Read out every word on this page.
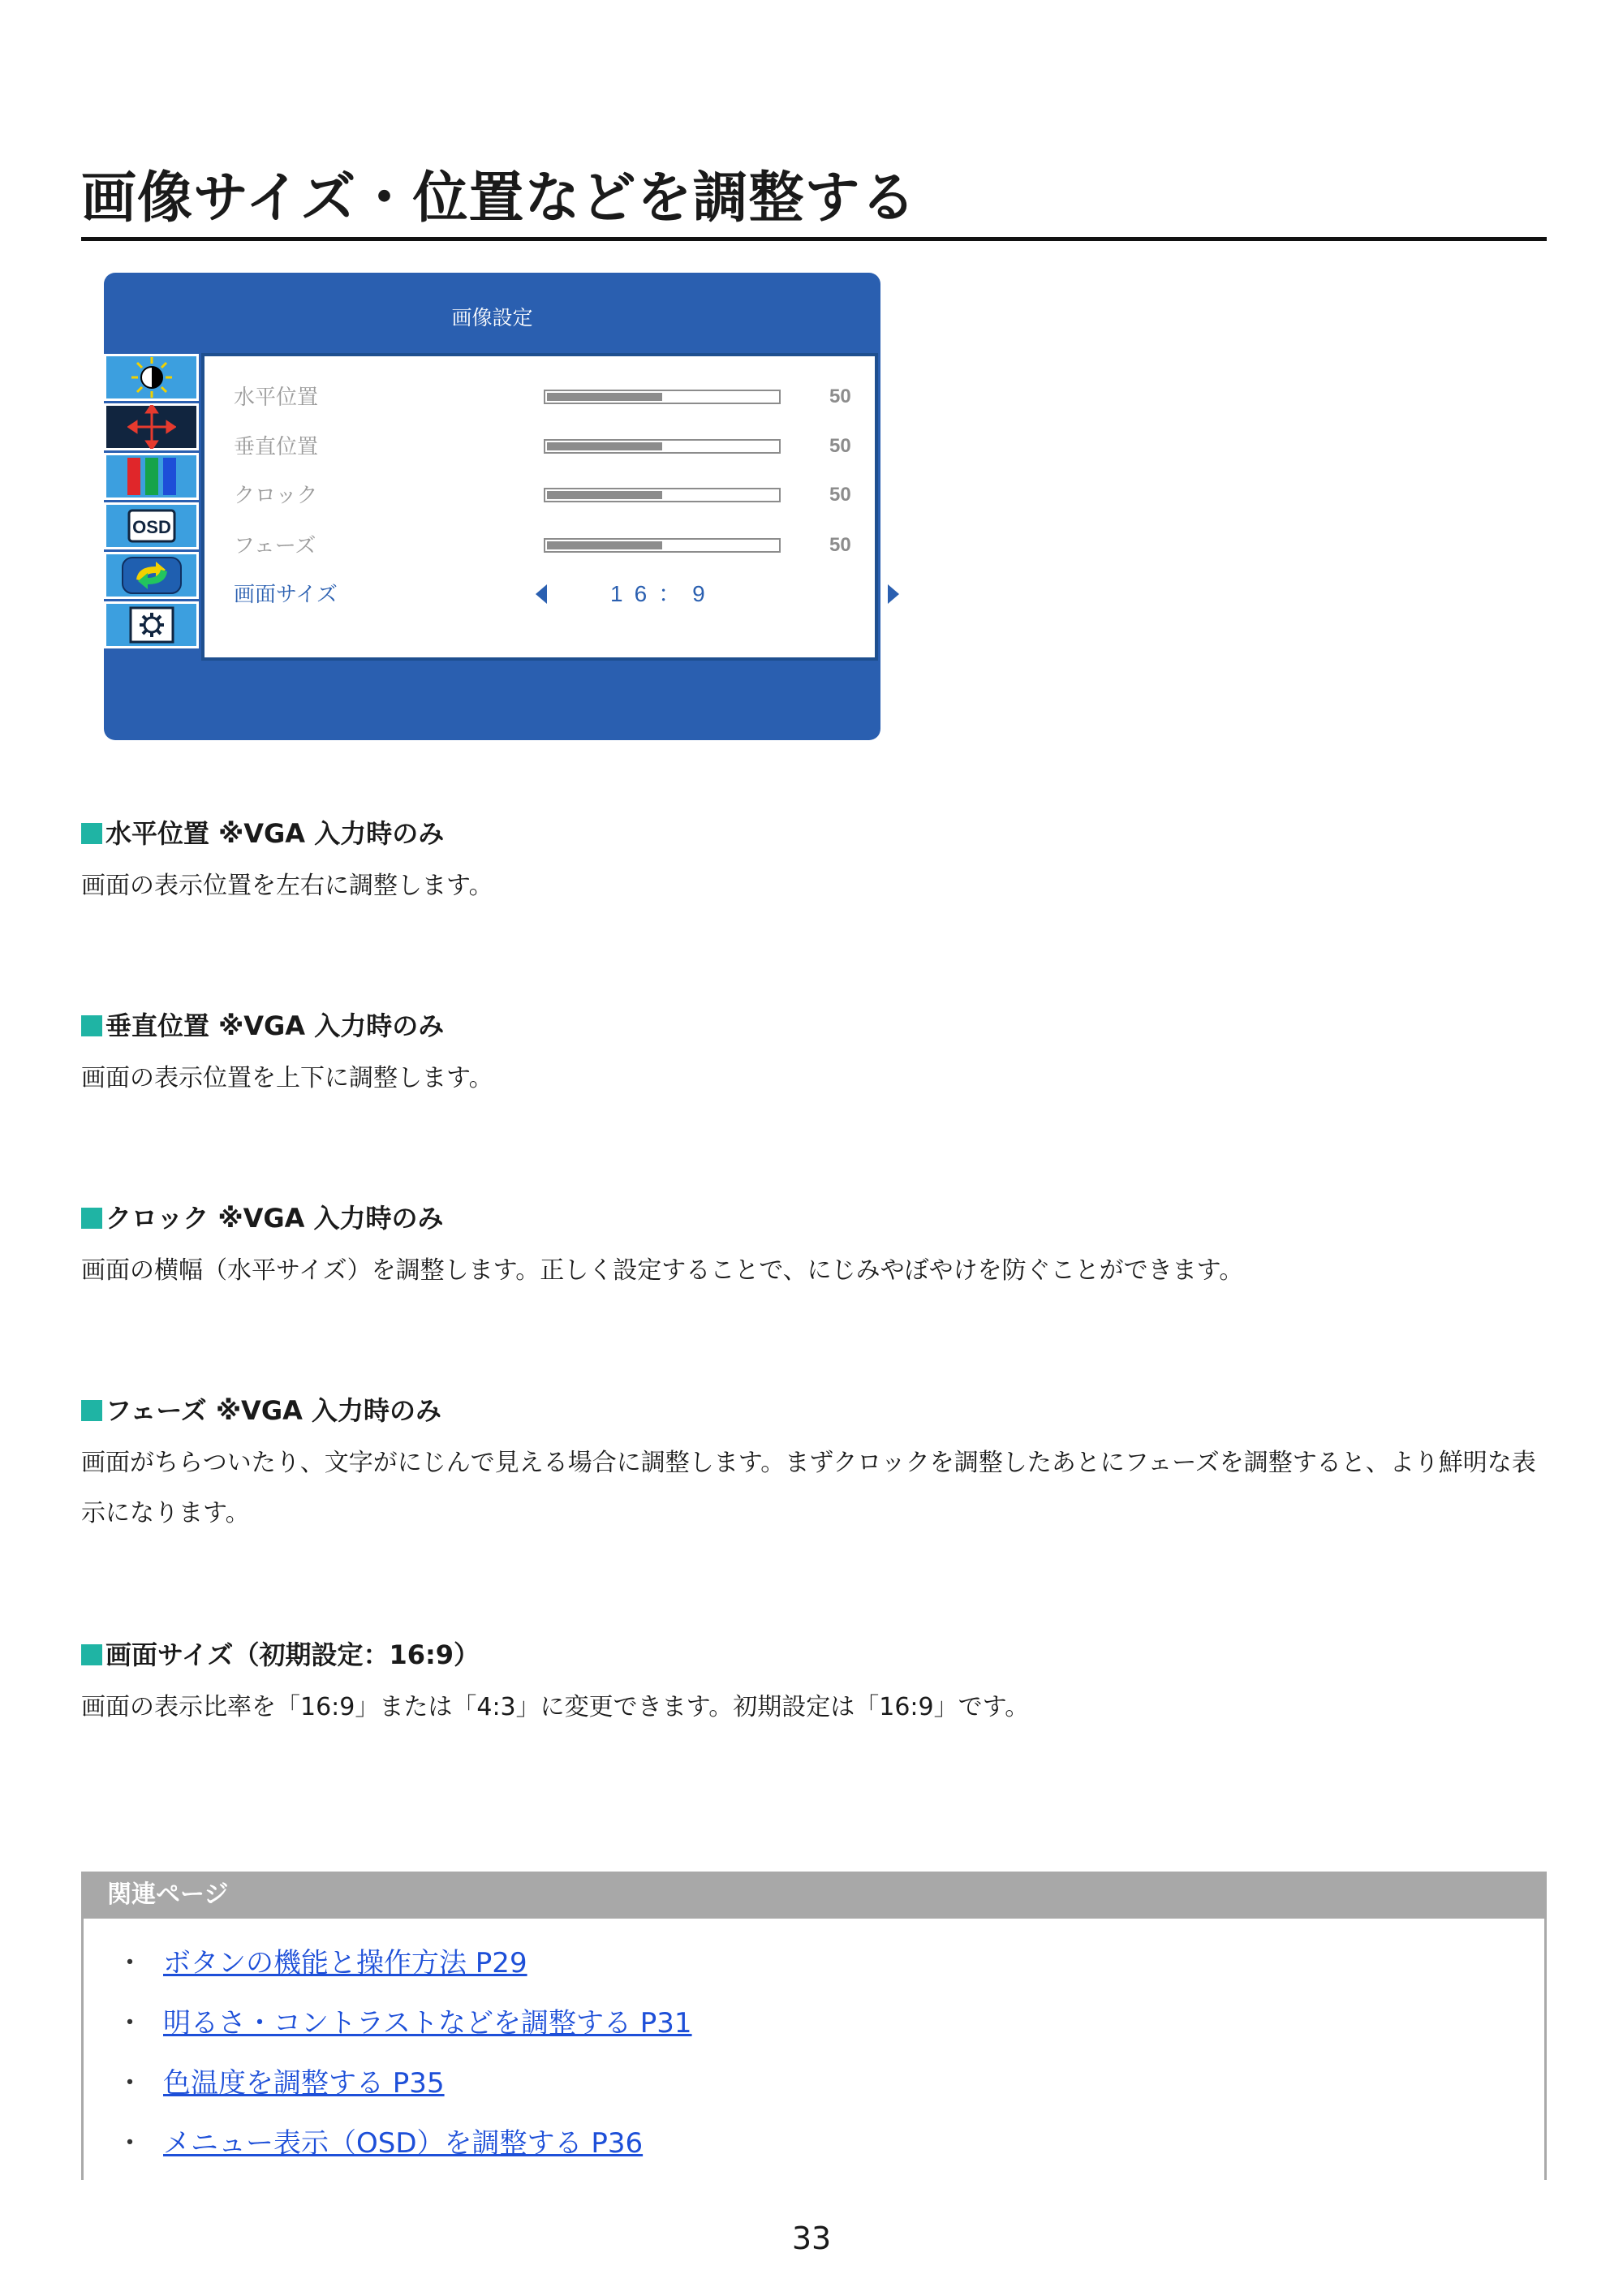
画像サイズ・位置などを調整する
画像設定
OSD
水平位置	50
垂直位置	50
クロック	50
フェーズ	50
画面サイズ	16：9
水平位置 ※VGA 入力時のみ
画面の表示位置を左右に調整します。
垂直位置 ※VGA 入力時のみ
画面の表示位置を上下に調整します。
クロック ※VGA 入力時のみ
画面の横幅（水平サイズ）を調整します。正しく設定することで、にじみやぼやけを防ぐことができます。
フェーズ ※VGA 入力時のみ
画面がちらついたり、文字がにじんで見える場合に調整します。まずクロックを調整したあとにフェーズを調整すると、より鮮明な表示になります。
画面サイズ（初期設定：16:9）
画面の表示比率を「16:9」または「4:3」に変更できます。初期設定は「16:9」です。
関連ページ
・ ボタンの機能と操作方法 P29
・ 明るさ・コントラストなどを調整する P31
・ 色温度を調整する P35
・ メニュー表示（OSD）を調整する P36
33
